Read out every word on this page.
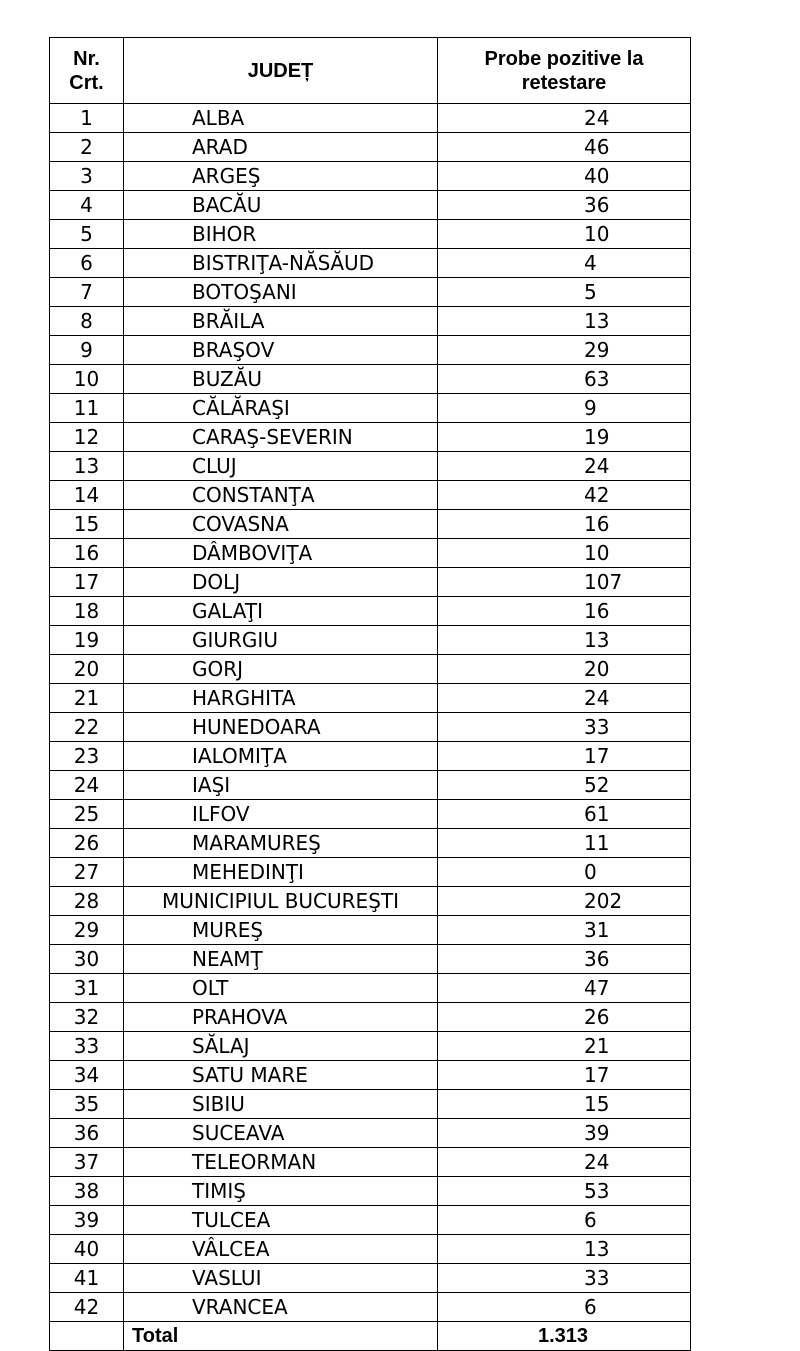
Nr.
Crt.	JUDEȚ	Probe pozitive la retestare
1	ALBA	24
2	ARAD	46
3	ARGEŞ	40
4	BACĂU	36
5	BIHOR	10
6	BISTRIŢA-NĂSĂUD	4
7	BOTOŞANI	5
8	BRĂILA	13
9	BRAŞOV	29
10	BUZĂU	63
11	CĂLĂRAŞI	9
12	CARAŞ-SEVERIN	19
13	CLUJ	24
14	CONSTANŢA	42
15	COVASNA	16
16	DÂMBOVIŢA	10
17	DOLJ	107
18	GALAŢI	16
19	GIURGIU	13
20	GORJ	20
21	HARGHITA	24
22	HUNEDOARA	33
23	IALOMIŢA	17
24	IAŞI	52
25	ILFOV	61
26	MARAMUREŞ	11
27	MEHEDINŢI	0
28	MUNICIPIUL BUCUREŞTI	202
29	MUREŞ	31
30	NEAMŢ	36
31	OLT	47
32	PRAHOVA	26
33	SĂLAJ	21
34	SATU MARE	17
35	SIBIU	15
36	SUCEAVA	39
37	TELEORMAN	24
38	TIMIŞ	53
39	TULCEA	6
40	VÂLCEA	13
41	VASLUI	33
42	VRANCEA	6
	Total	1.313
